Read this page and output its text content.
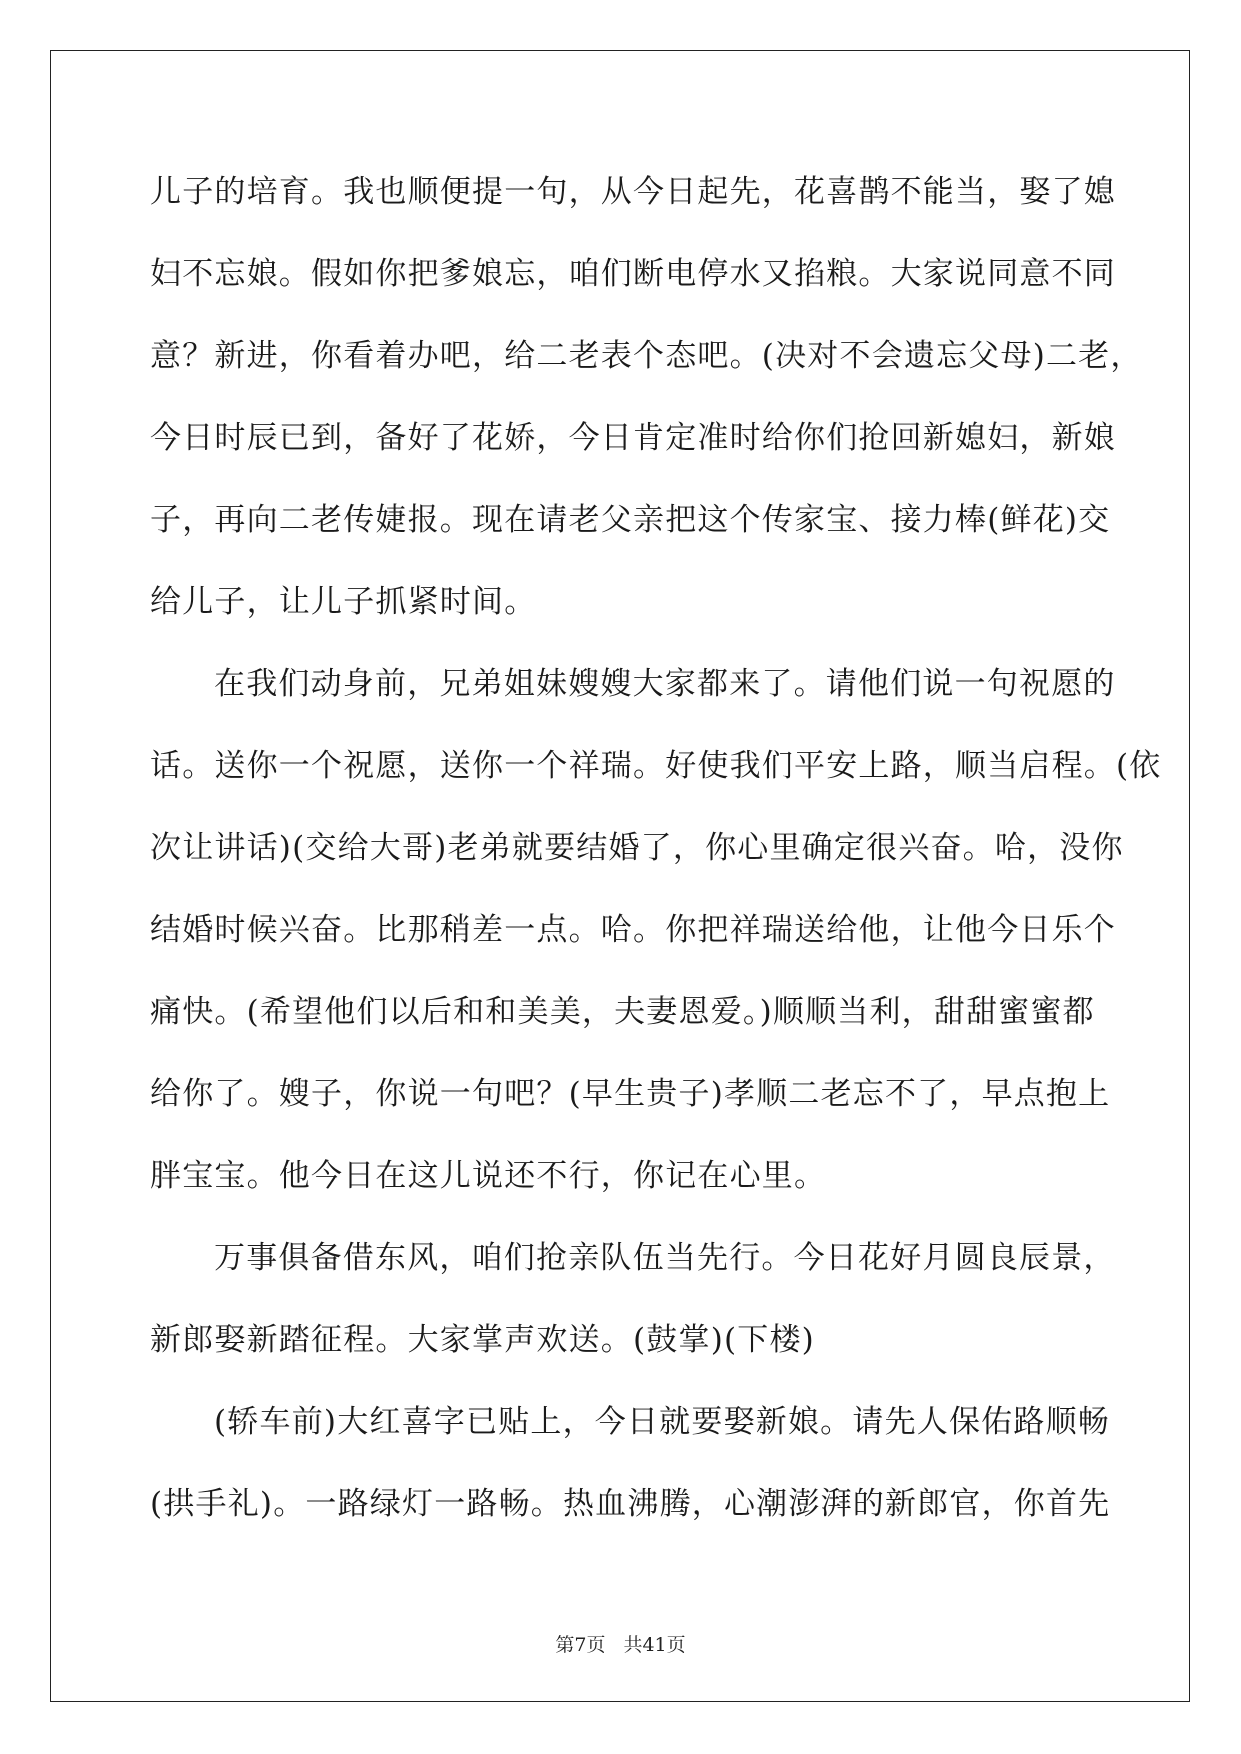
儿子的培育。我也顺便提一句，从今日起先，花喜鹊不能当，娶了媳
妇不忘娘。假如你把爹娘忘，咱们断电停水又掐粮。大家说同意不同
意？新进，你看着办吧，给二老表个态吧。(决对不会遗忘父母)二老，
今日时辰已到，备好了花娇，今日肯定准时给你们抢回新媳妇，新娘
子，再向二老传婕报。现在请老父亲把这个传家宝、接力棒(鲜花)交
给儿子，让儿子抓紧时间。
在我们动身前，兄弟姐妹嫂嫂大家都来了。请他们说一句祝愿的
话。送你一个祝愿，送你一个祥瑞。好使我们平安上路，顺当启程。(依
次让讲话)(交给大哥)老弟就要结婚了，你心里确定很兴奋。哈，没你
结婚时候兴奋。比那稍差一点。哈。你把祥瑞送给他，让他今日乐个
痛快。(希望他们以后和和美美，夫妻恩爱。)顺顺当利，甜甜蜜蜜都
给你了。嫂子，你说一句吧？(早生贵子)孝顺二老忘不了，早点抱上
胖宝宝。他今日在这儿说还不行，你记在心里。
万事俱备借东风，咱们抢亲队伍当先行。今日花好月圆良辰景，
新郎娶新踏征程。大家掌声欢送。(鼓掌)(下楼)
(轿车前)大红喜字已贴上，今日就要娶新娘。请先人保佑路顺畅
(拱手礼)。一路绿灯一路畅。热血沸腾，心潮澎湃的新郎官，你首先
第7页 共41页
